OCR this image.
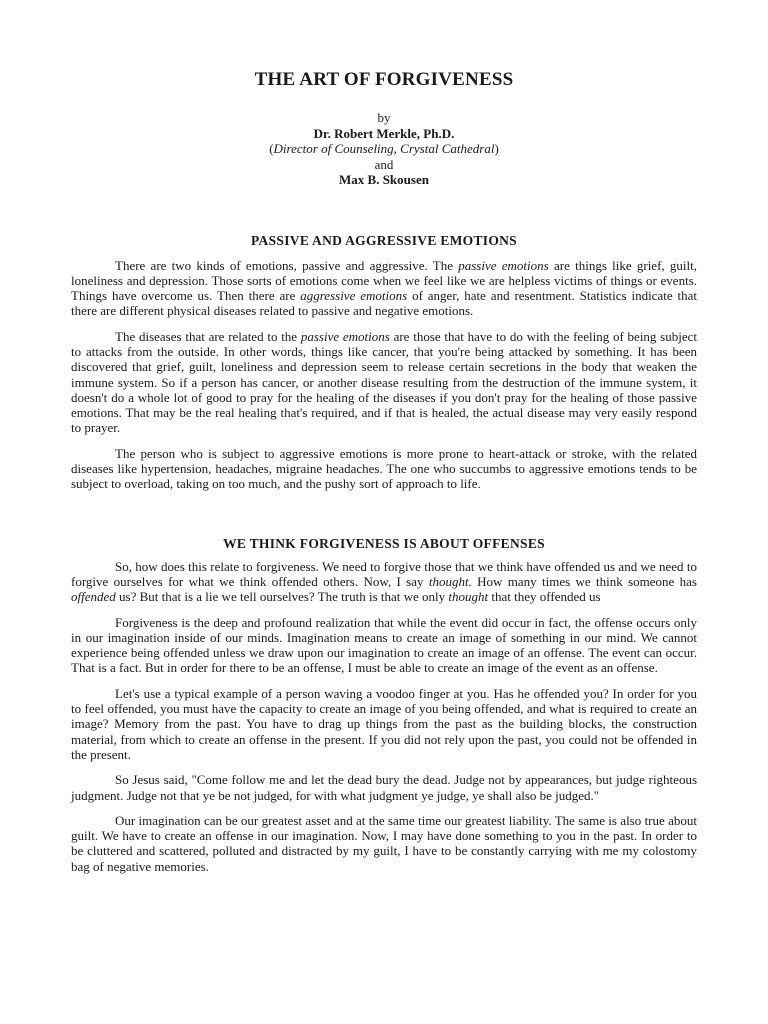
THE ART OF FORGIVENESS
by
Dr. Robert Merkle, Ph.D.
(Director of Counseling, Crystal Cathedral)
and
Max B. Skousen
PASSIVE AND AGGRESSIVE EMOTIONS

There are two kinds of emotions, passive and aggressive. The passive emotions are things like grief, guilt, loneliness and depression. Those sorts of emotions come when we feel like we are helpless victims of things or events. Things have overcome us. Then there are aggressive emotions of anger, hate and resentment. Statistics indicate that there are different physical diseases related to passive and negative emotions.

The diseases that are related to the passive emotions are those that have to do with the feeling of being subject to attacks from the outside. In other words, things like cancer, that you're being attacked by something. It has been discovered that grief, guilt, loneliness and depression seem to release certain secretions in the body that weaken the immune system. So if a person has cancer, or another disease resulting from the destruction of the immune system, it doesn't do a whole lot of good to pray for the healing of the diseases if you don't pray for the healing of those passive emotions. That may be the real healing that's required, and if that is healed, the actual disease may very easily respond to prayer.

The person who is subject to aggressive emotions is more prone to heart-attack or stroke, with the related diseases like hypertension, headaches, migraine headaches. The one who succumbs to aggressive emotions tends to be subject to overload, taking on too much, and the pushy sort of approach to life.

WE THINK FORGIVENESS IS ABOUT OFFENSES

So, how does this relate to forgiveness. We need to forgive those that we think have offended us and we need to forgive ourselves for what we think offended others. Now, I say thought. How many times we think someone has offended us? But that is a lie we tell ourselves? The truth is that we only thought that they offended us

Forgiveness is the deep and profound realization that while the event did occur in fact, the offense occurs only in our imagination inside of our minds. Imagination means to create an image of something in our mind. We cannot experience being offended unless we draw upon our imagination to create an image of an offense. The event can occur. That is a fact. But in order for there to be an offense, I must be able to create an image of the event as an offense.

Let's use a typical example of a person waving a voodoo finger at you. Has he offended you? In order for you to feel offended, you must have the capacity to create an image of you being offended, and what is required to create an image? Memory from the past. You have to drag up things from the past as the building blocks, the construction material, from which to create an offense in the present. If you did not rely upon the past, you could not be offended in the present.

So Jesus said, "Come follow me and let the dead bury the dead. Judge not by appearances, but judge righteous judgment. Judge not that ye be not judged, for with what judgment ye judge, ye shall also be judged."

Our imagination can be our greatest asset and at the same time our greatest liability. The same is also true about guilt. We have to create an offense in our imagination. Now, I may have done something to you in the past. In order to be cluttered and scattered, polluted and distracted by my guilt, I have to be constantly carrying with me my colostomy bag of negative memories.
